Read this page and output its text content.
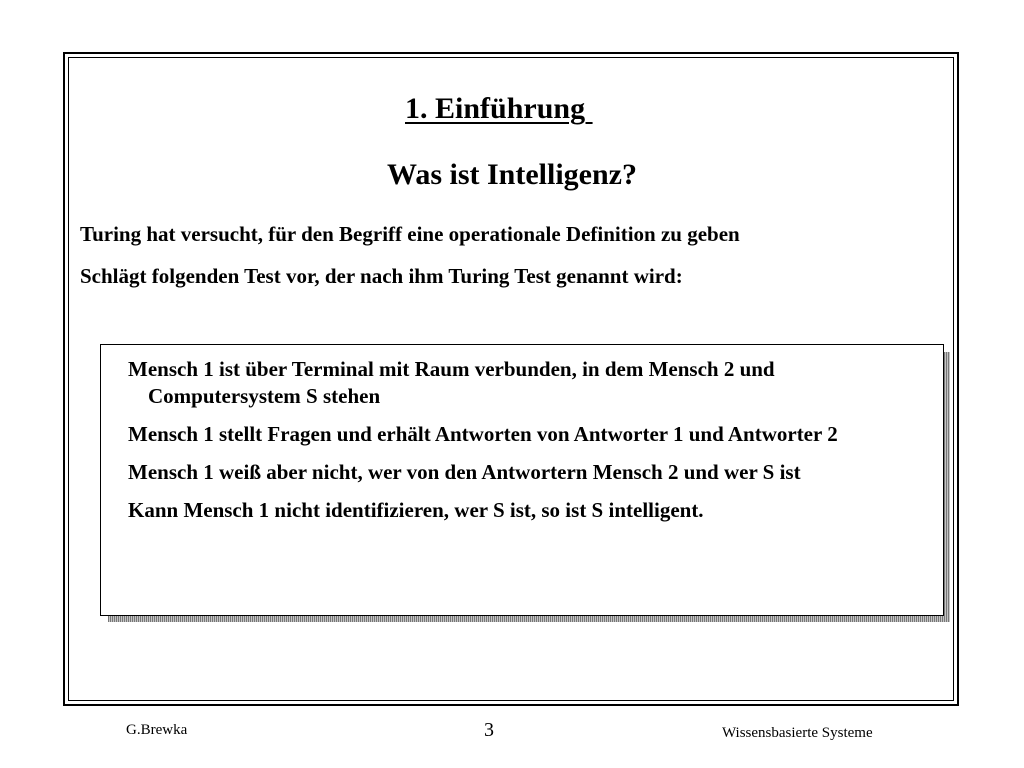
1. Einführung
Was ist Intelligenz?

Turing hat versucht, für den Begriff eine operationale Definition zu geben

Schlägt folgenden Test vor, der nach ihm Turing Test genannt wird:

Mensch 1 ist über Terminal mit Raum verbunden, in dem Mensch 2 und Computersystem S stehen
Mensch 1 stellt Fragen und erhält Antworten von Antworter 1 und Antworter 2
Mensch 1 weiß aber nicht, wer von den Antwortern Mensch 2 und wer S ist
Kann Mensch 1 nicht identifizieren, wer S ist, so ist S intelligent.

G.Brewka	3	Wissensbasierte Systeme
